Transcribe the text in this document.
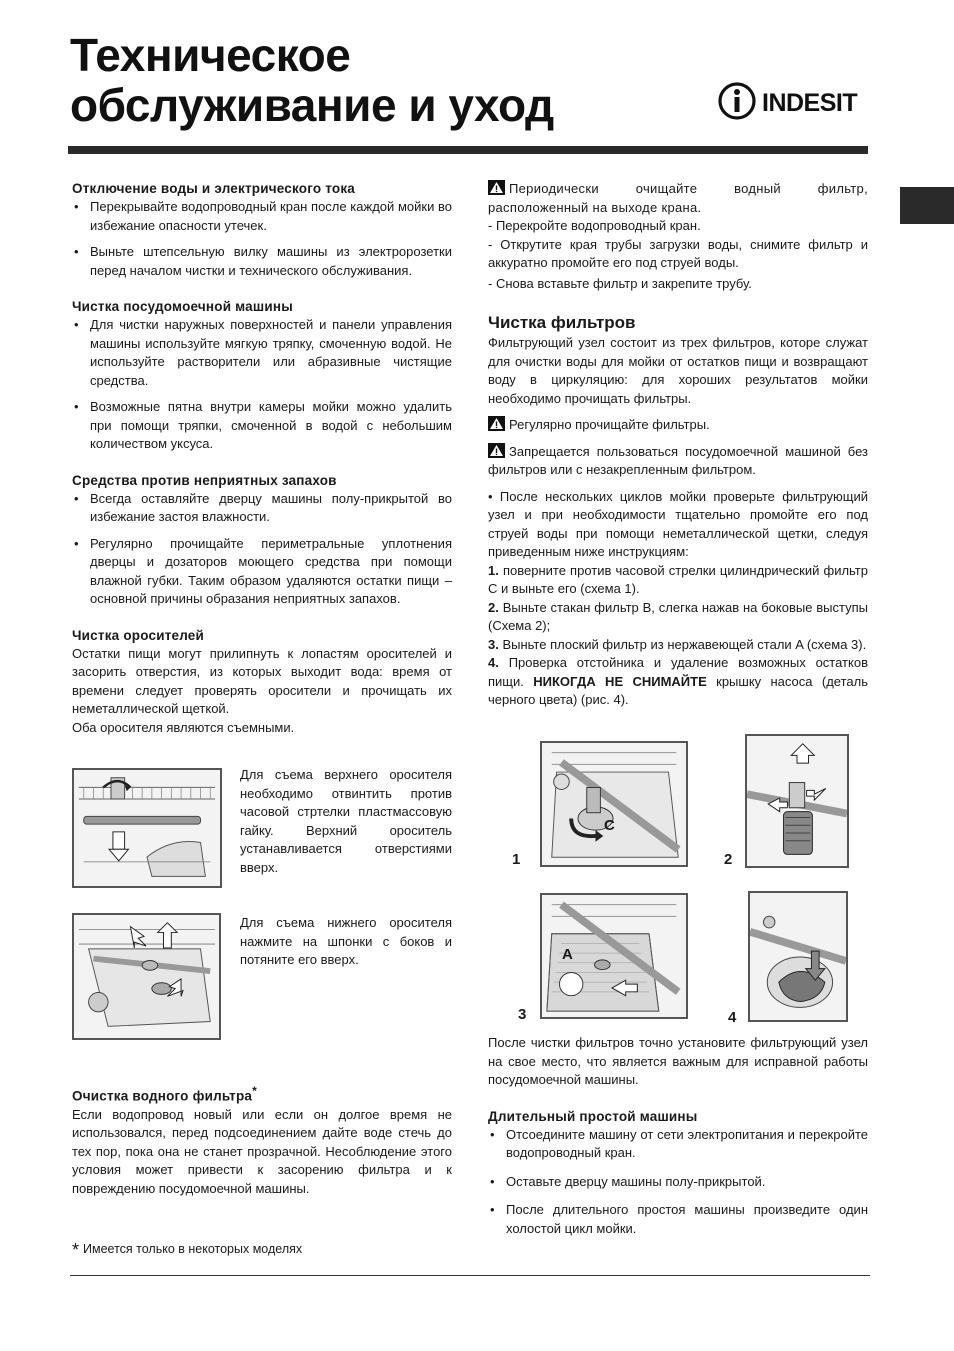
Техническое
обслуживание и уход	INDESIT
Отключение воды и электрического тока
• Перекрывайте водопроводный кран после каждой мойки во избежание опасности утечек.
• Выньте штепсельную вилку машины из электророзетки перед началом чистки и технического обслуживания.
Чистка посудомоечной машины
• Для чистки наружных поверхностей и панели управления машины используйте мягкую тряпку, смоченную водой. Не используйте растворители или абразивные чистящие средства.
• Возможные пятна внутри камеры мойки можно удалить при помощи тряпки, смоченной в водой с небольшим количеством уксуса.
Средства против неприятных запахов
• Всегда оставляйте дверцу машины полу-прикрытой во избежание застоя влажности.
• Регулярно прочищайте периметральные уплотнения дверцы и дозаторов моющего средства при помощи влажной губки. Таким образом удаляются остатки пищи – основной причины образания неприятных запахов.
Чистка оросителей

Остатки пищи могут прилипнуть к лопастям оросителей и засорить отверстия, из которых выходит вода: время от времени следует проверять оросители и прочищать их неметаллической щеткой.

Оба оросителя являются съемными.

Для съема верхнего оросителя необходимо отвинтить против часовой стртелки пластмассовую гайку. Верхний ороситель устанавливается отверстиями вверх.
Для съема нижнего оросителя нажмите на шпонки с боков и потяните его вверх.
Очистка водного фильтра*

Если водопровод новый или если он долгое время не использовался, перед подсоединением дайте воде стечь до тех пор, пока она не станет прозрачной. Несоблюдение этого условия может привести к засорению фильтра и к повреждению посудомоечной машины.

* Имеется только в некоторых моделях

Периодически очищайте водный фильтр, расположенный на выходе крана.

- Перекройте водопроводный кран.

- Открутите края трубы загрузки воды, снимите фильтр и аккуратно промойте его под струей воды.

- Снова вставьте фильтр и закрепите трубу.

Чистка фильтров

Фильтрующий узел состоит из трех фильтров, которе служат для очистки воды для мойки от остатков пищи и возвращают воду в циркуляцию: для хороших результатов мойки необходимо прочищать фильтры.

Регулярно прочищайте фильтры.

Запрещается пользоваться посудомоечной машиной без фильтров или с незакрепленным фильтром.

• После нескольких циклов мойки проверьте фильтрующий узел и при необходимости тщательно промойте его под струей воды при помощи неметаллической щетки, следуя приведенным ниже инструкциям:

1. поверните против часовой стрелки цилиндрический фильтр C и выньте его (схема 1).

2. Выньте стакан фильтр B, слегка нажав на боковые выступы (Схема 2);

3. Выньте плоский фильтр из нержавеющей стали A (схема 3).

4. Проверка отстойника и удаление возможных остатков пищи. НИКОГДА НЕ СНИМАЙТЕ крышку насоса (деталь черного цвета) (рис. 4).

C
1	2
A
3	4

После чистки фильтров точно установите фильтрующий узел на свое место, что является важным для исправной работы посудомоечной машины.

Длительный простой машины
• Отсоедините машину от сети электропитания и перекройте водопроводный кран.
• Оставьте дверцу машины полу-прикрытой.
• После длительного простоя машины произведите один холостой цикл мойки.
